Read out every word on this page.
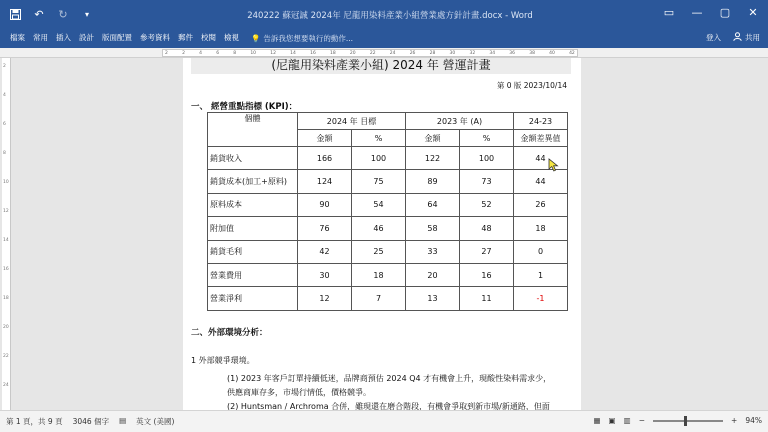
↶ ↻	▾	240222 蘇冠誠 2024年 尼龍用染料產業小組營業處方針計畫.docx - Word	▭ — ▢ ✕
檔案	常用	插入	設計	版面配置	參考資料	郵件	校閱	檢視	💡 告訴我您想要執行的動作...	登入	共用
2	2	4	6	8	10	12	14	16	18	20	22	24	26	28	30	32	34	36	38	40	42
2
4
6
8
10
12
14
16
18
20
22
24
(尼龍用染料產業小組) 2024 年 營運計畫
第 0 版 2023/10/14
一、 經營重點指標 (KPI)：
個體	2024 年 目標		2023 年 (A)		24-23
	金額	%	金額	%	金額差異值
銷貨收入	166	100	122	100	44
銷貨成本(加工+原料)	124	75	89	73	44
原料成本	90	54	64	52	26
附加值	76	46	58	48	18
銷貨毛利	42	25	33	27	0
營業費用	30	18	20	16	1
營業淨利	12	7	13	11	-1
二、外部環境分析：
1 外部競爭環境。
(1) 2023 年客戶訂單持續低迷，品牌商預估 2024 Q4 才有機會上升，現酸性染料需求少，
供應商庫存多，市場行情低，價格競爭。
(2) Huntsman / Archroma 合併，雖現還在磨合階段，有機會爭取到新市場/新通路，但面
第 1 頁，共 9 頁 3046 個字 ▤ 英文 (美國)	▦ ▣ ▥ −	+ 94%
